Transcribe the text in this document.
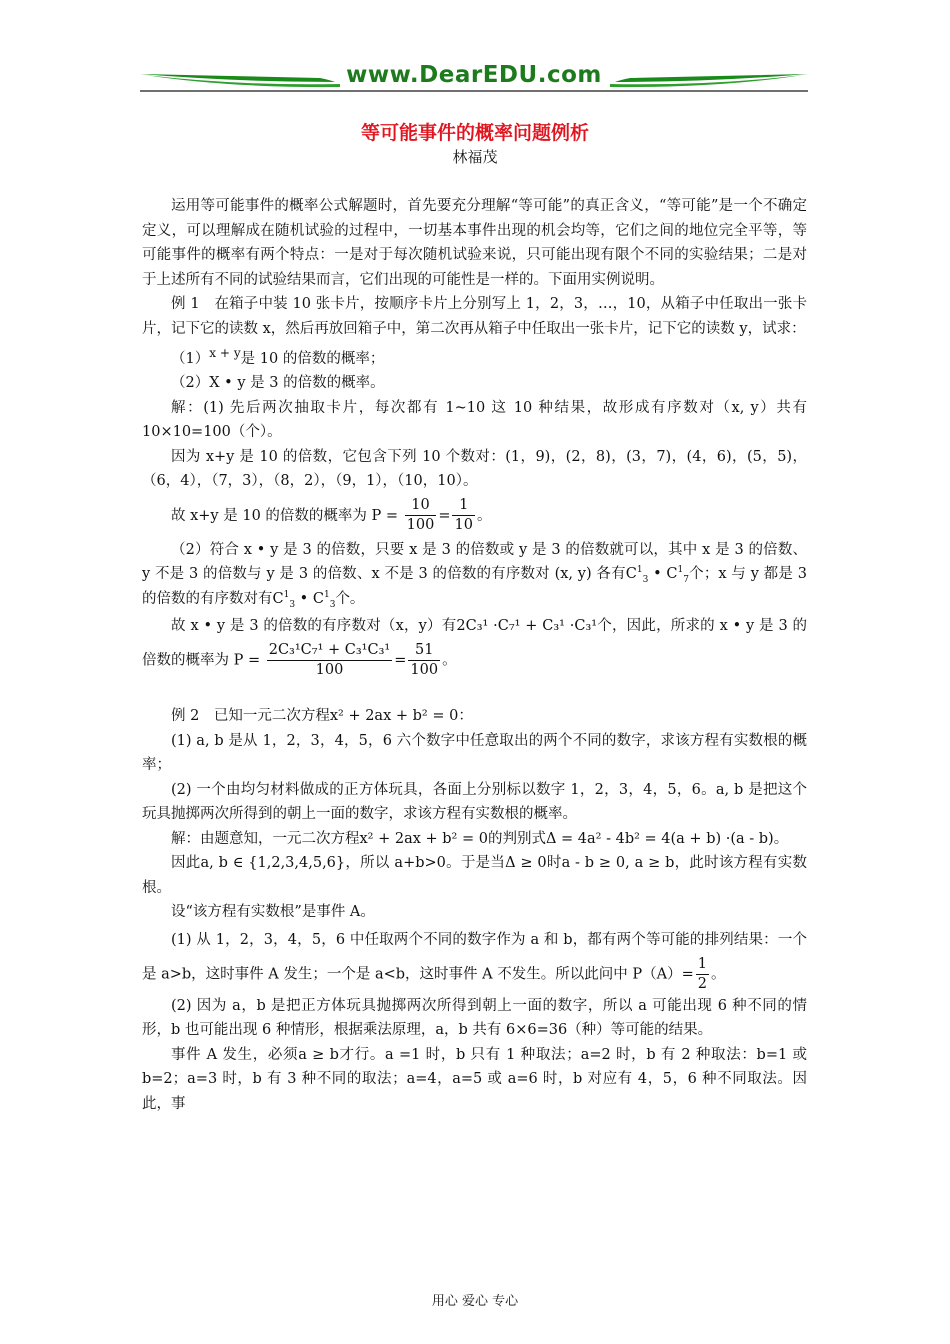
www.DearEDU.com
等可能事件的概率问题例析

林福茂

运用等可能事件的概率公式解题时，首先要充分理解“等可能”的真正含义，“等可能”是一个不确定定义，可以理解成在随机试验的过程中，一切基本事件出现的机会均等，它们之间的地位完全平等，等可能事件的概率有两个特点：一是对于每次随机试验来说，只可能出现有限个不同的实验结果；二是对于上述所有不同的试验结果而言，它们出现的可能性是一样的。下面用实例说明。

例 1　在箱子中装 10 张卡片，按顺序卡片上分别写上 1，2，3，…，10，从箱子中任取出一张卡片，记下它的读数 x，然后再放回箱子中，第二次再从箱子中任取出一张卡片，记下它的读数 y，试求：

$(1)^{x + y}$是 10 的倍数的概率；

（2）X • y 是 3 的倍数的概率。

解：(1) 先后两次抽取卡片，每次都有 1~10 这 10 种结果，故形成有序数对（x, y）共有 10×10=100（个）。

因为 x+y 是 10 的倍数，它包含下列 10 个数对：(1，9)，(2，8)，(3，7)，(4，6)，(5，5)，（6，4），（7，3），（8，2），（9，1），（10，10）。

故 x+y 是 10 的倍数的概率为 $P = \frac{10}{100} = \frac{1}{10}$ 。

（2）符合 x • y 是 3 的倍数，只要 x 是 3 的倍数或 y 是 3 的倍数就可以，其中 x 是 3 的倍数、y 不是 3 的倍数与 y 是 3 的倍数、x 不是 3 的倍数的有序数对 (x, y) 各有$C^1_3$ • $C^1_7$个；x 与 y 都是 3 的倍数的有序数对有$C^1_3$ • $C^1_3$个。

故 x • y 是 3 的倍数的有序数对（x，y）有2C₃¹ ·C₇¹ + C₃¹ ·C₃¹个，因此，所求的 x • y 是 3 的倍数的概率为 $P = \frac{\text{2C₃¹C₇¹ + C₃¹C₃¹}}{100} = \frac{51}{100}$ 。

例 2　已知一元二次方程x² + 2ax + b² = 0：

(1) a, b 是从 1，2，3，4，5，6 六个数字中任意取出的两个不同的数字，求该方程有实数根的概率；

(2) 一个由均匀材料做成的正方体玩具，各面上分别标以数字 1，2，3，4，5，6。a, b 是把这个玩具抛掷两次所得到的朝上一面的数字，求该方程有实数根的概率。

解：由题意知，一元二次方程x² + 2ax + b² = 0的判别式Δ = 4a² - 4b² = 4(a + b) ·(a - b)。

因此a, b ∈ {1,2,3,4,5,6}，所以 a+b>0。于是当Δ ≥ 0时a - b ≥ 0, a ≥ b，此时该方程有实数根。

设“该方程有实数根”是事件 A。

(1) 从 1，2，3，4，5，6 中任取两个不同的数字作为 a 和 b，都有两个等可能的排列结果：一个是 a>b，这时事件 A 发生；一个是 a<b，这时事件 A 不发生。所以此问中 $P(A)= \frac{1}{2}$ 。

(2) 因为 a，b 是把正方体玩具抛掷两次所得到朝上一面的数字，所以 a 可能出现 6 种不同的情形，b 也可能出现 6 种情形，根据乘法原理，a，b 共有 6×6=36（种）等可能的结果。

事件 A 发生，必须a ≥ b才行。a =1 时，b 只有 1 种取法；a=2 时，b 有 2 种取法：b=1 或 b=2；a=3 时，b 有 3 种不同的取法；a=4，a=5 或 a=6 时，b 对应有 4，5，6 种不同取法。因此，事

用心 爱心 专心
